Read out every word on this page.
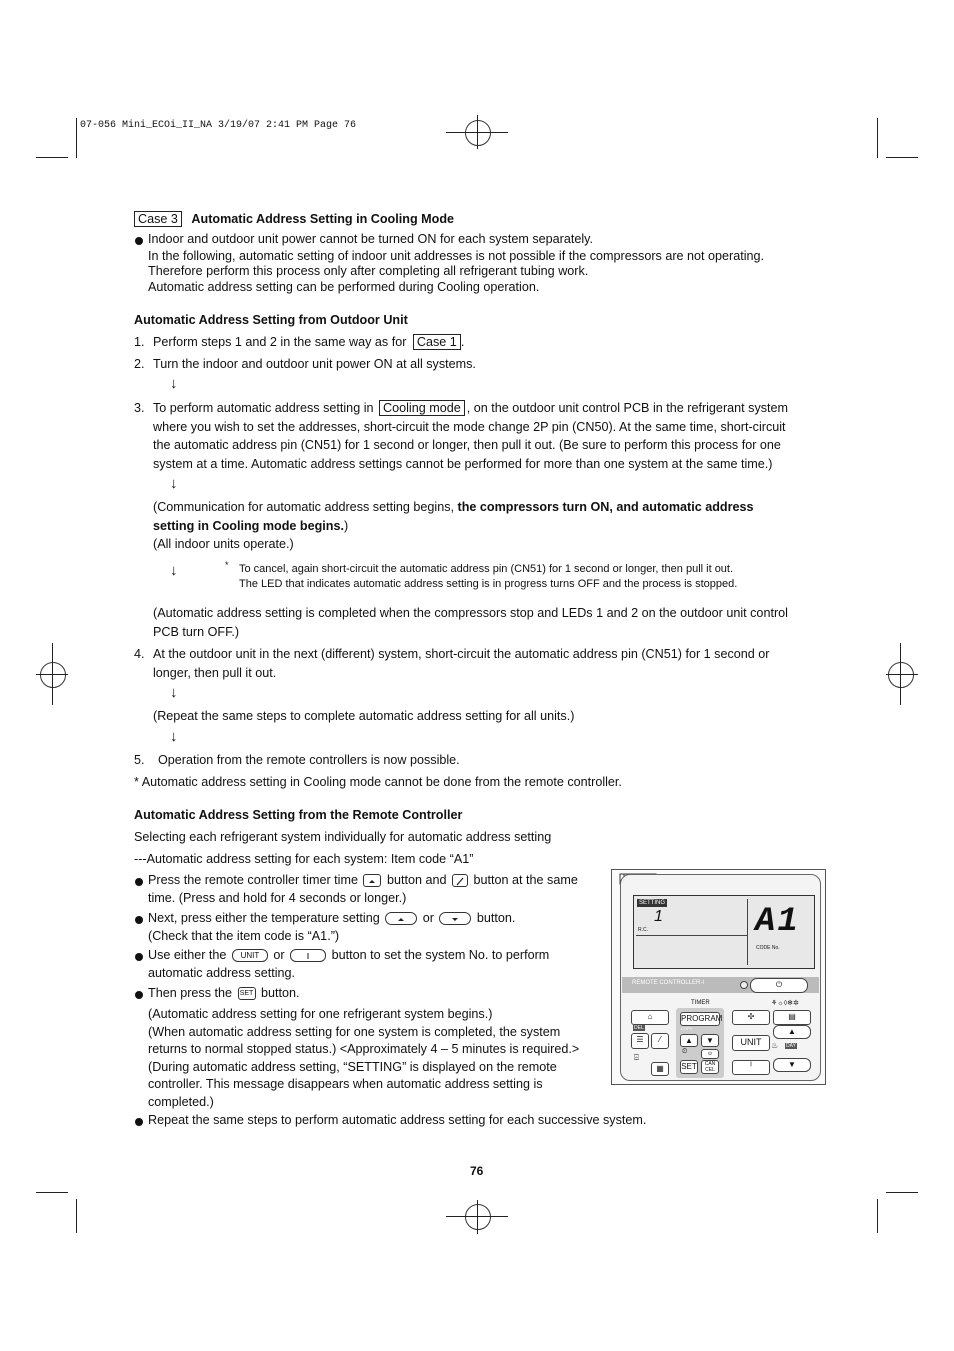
07-056 Mini_ECOi_II_NA 3/19/07 2:41 PM Page 76
Case 3 Automatic Address Setting in Cooling Mode
Indoor and outdoor unit power cannot be turned ON for each system separately.
In the following, automatic setting of indoor unit addresses is not possible if the compressors are not operating.
Therefore perform this process only after completing all refrigerant tubing work.
Automatic address setting can be performed during Cooling operation.
Automatic Address Setting from Outdoor Unit
1. Perform steps 1 and 2 in the same way as for Case 1 .
2. Turn the indoor and outdoor unit power ON at all systems.
↓
3. To perform automatic address setting in Cooling mode , on the outdoor unit control PCB in the refrigerant system
where you wish to set the addresses, short-circuit the mode change 2P pin (CN50). At the same time, short-circuit
the automatic address pin (CN51) for 1 second or longer, then pull it out. (Be sure to perform this process for one
system at a time. Automatic address settings cannot be performed for more than one system at the same time.)
↓
(Communication for automatic address setting begins, the compressors turn ON, and automatic address
setting in Cooling mode begins.)
(All indoor units operate.)
↓	* To cancel, again short-circuit the automatic address pin (CN51) for 1 second or longer, then pull it out.
The LED that indicates automatic address setting is in progress turns OFF and the process is stopped.
(Automatic address setting is completed when the compressors stop and LEDs 1 and 2 on the outdoor unit control
PCB turn OFF.)
4. At the outdoor unit in the next (different) system, short-circuit the automatic address pin (CN51) for 1 second or
longer, then pull it out.
↓
(Repeat the same steps to complete automatic address setting for all units.)
↓
5. Operation from the remote controllers is now possible.
* Automatic address setting in Cooling mode cannot be done from the remote controller.
Automatic Address Setting from the Remote Controller
Selecting each refrigerant system individually for automatic address setting
---Automatic address setting for each system: Item code “A1”
Press the remote controller timer time button and button at the same
time. (Press and hold for 4 seconds or longer.)
Next, press either the temperature setting	or	button.
(Check that the item code is “A1.”)
Use either the UNIT or	button to set the system No. to perform
automatic address setting.
Then press the SET button.
(Automatic address setting for one refrigerant system begins.)
(When automatic address setting for one system is completed, the system
returns to normal stopped status.) <Approximately 4 – 5 minutes is required.>
(During automatic address setting, “SETTING” is displayed on the remote
controller. This message disappears when automatic address setting is
completed.)
Repeat the same steps to perform automatic address setting for each successive system.
SETTING
1
R.C.	A1
CODE No.
REMOTE CONTROLLER-I	⏻
TIMER	⚘☼◊❄✲
⌂
DEL
PROGRAM
COPY
▲	▼
⏲	⊙
SET	CAN CEL
✣	▤
☰	⁄
⌹
UNIT
▲
♨ DAY
▦	╵	▼
76
